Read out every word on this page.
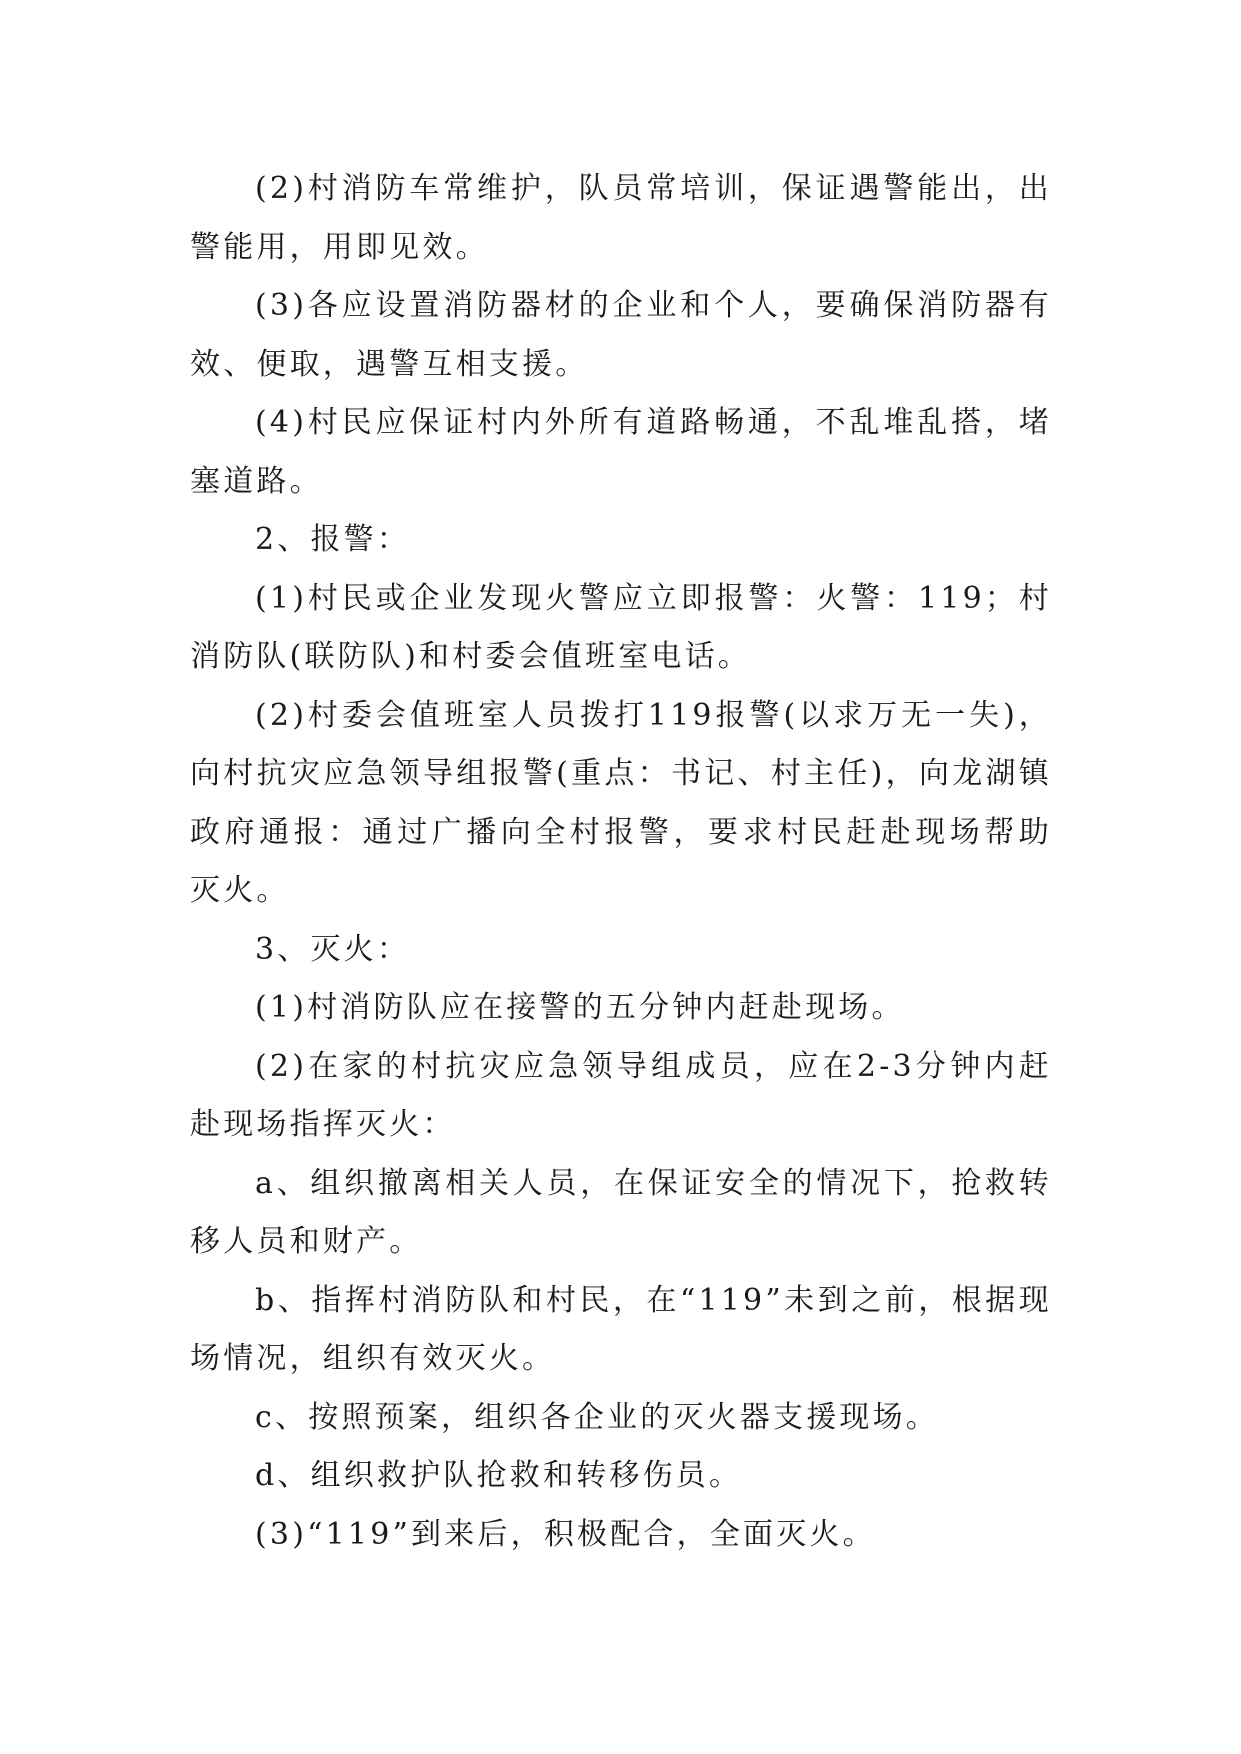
(2)村消防车常维护，队员常培训，保证遇警能出，出警能用，用即见效。

(3)各应设置消防器材的企业和个人，要确保消防器有效、便取，遇警互相支援。

(4)村民应保证村内外所有道路畅通，不乱堆乱搭，堵塞道路。

2、报警：

(1)村民或企业发现火警应立即报警：火警：119；村消防队(联防队)和村委会值班室电话。

(2)村委会值班室人员拨打119报警(以求万无一失)，向村抗灾应急领导组报警(重点：书记、村主任)，向龙湖镇政府通报：通过广播向全村报警，要求村民赶赴现场帮助灭火。

3、灭火：

(1)村消防队应在接警的五分钟内赶赴现场。

(2)在家的村抗灾应急领导组成员，应在2-3分钟内赶赴现场指挥灭火：

a、组织撤离相关人员，在保证安全的情况下，抢救转移人员和财产。

b、指挥村消防队和村民，在“119”未到之前，根据现场情况，组织有效灭火。

c、按照预案，组织各企业的灭火器支援现场。

d、组织救护队抢救和转移伤员。

(3)“119”到来后，积极配合，全面灭火。
